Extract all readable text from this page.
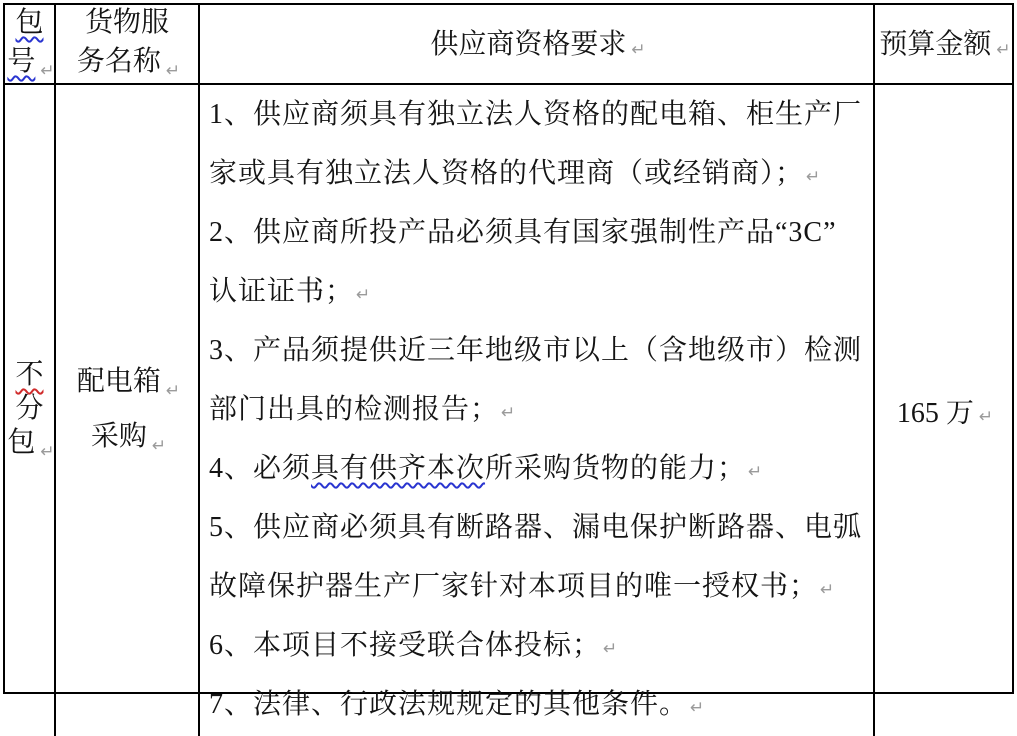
包
号 $_↵$
货物服
务名称 $_↵$
供应商资格要求 ↵	预算金额 ↵
不
分
包 $_↵$
配电箱 $_↵$
采购 $_↵$

1、供应商须具有独立法人资格的配电箱、柜生产厂
家或具有独立法人资格的代理商（或经销商）； ↵

2、供应商所投产品必须具有国家强制性产品“3C”
认证证书； ↵

3、产品须提供近三年地级市以上（含地级市）检测
部门出具的检测报告； ↵

4、必须具有供齐本次所采购货物的能力； ↵

5、供应商必须具有断路器、漏电保护断路器、电弧
故障保护器生产厂家针对本项目的唯一授权书； ↵

6、本项目不接受联合体投标； ↵

7、法律、行政法规规定的其他条件。 ↵

165 万 ↵
